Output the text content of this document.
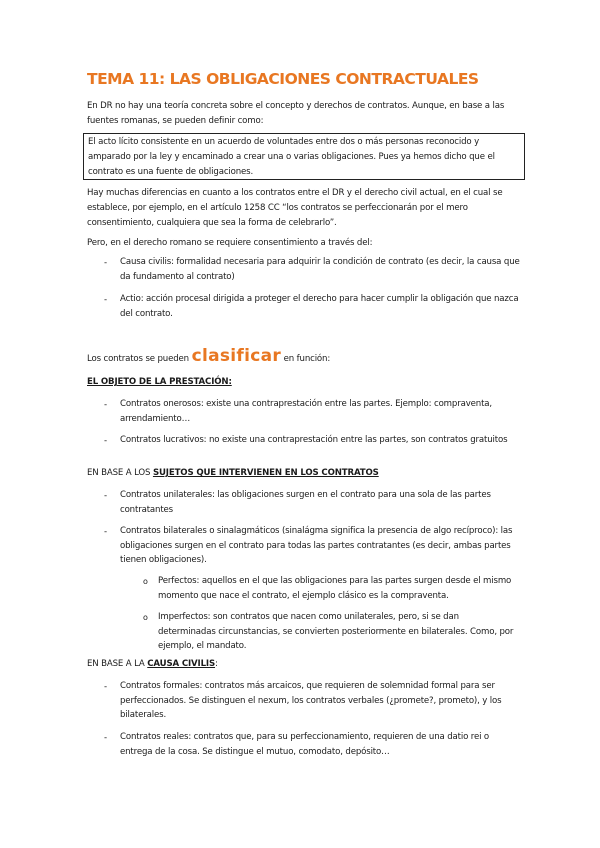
TEMA 11: LAS OBLIGACIONES CONTRACTUALES
En DR no hay una teoría concreta sobre el concepto y derechos de contratos. Aunque, en base a las fuentes romanas, se pueden definir como:
El acto lícito consistente en un acuerdo de voluntades entre dos o más personas reconocido y amparado por la ley y encaminado a crear una o varias obligaciones. Pues ya hemos dicho que el contrato es una fuente de obligaciones.
Hay muchas diferencias en cuanto a los contratos entre el DR y el derecho civil actual, en el cual se establece, por ejemplo, en el artículo 1258 CC “los contratos se perfeccionarán por el mero consentimiento, cualquiera que sea la forma de celebrarlo”.
Pero, en el derecho romano se requiere consentimiento a través del:
- Causa civilis: formalidad necesaria para adquirir la condición de contrato (es decir, la causa que da fundamento al contrato)
- Actio: acción procesal dirigida a proteger el derecho para hacer cumplir la obligación que nazca del contrato.
Los contratos se pueden clasificar en función:
EL OBJETO DE LA PRESTACIÓN:
- Contratos onerosos: existe una contraprestación entre las partes. Ejemplo: compraventa, arrendamiento…
- Contratos lucrativos: no existe una contraprestación entre las partes, son contratos gratuitos
EN BASE A LOS SUJETOS QUE INTERVIENEN EN LOS CONTRATOS
- Contratos unilaterales: las obligaciones surgen en el contrato para una sola de las partes contratantes
- Contratos bilaterales o sinalagmáticos (sinalágma significa la presencia de algo recíproco): las obligaciones surgen en el contrato para todas las partes contratantes (es decir, ambas partes tienen obligaciones).
o Perfectos: aquellos en el que las obligaciones para las partes surgen desde el mismo momento que nace el contrato, el ejemplo clásico es la compraventa.
o Imperfectos: son contratos que nacen como unilaterales, pero, si se dan determinadas circunstancias, se convierten posteriormente en bilaterales. Como, por ejemplo, el mandato.
EN BASE A LA CAUSA CIVILIS:
- Contratos formales: contratos más arcaicos, que requieren de solemnidad formal para ser perfeccionados. Se distinguen el nexum, los contratos verbales (¿promete?, prometo), y los bilaterales.
- Contratos reales: contratos que, para su perfeccionamiento, requieren de una datio rei o entrega de la cosa. Se distingue el mutuo, comodato, depósito…
